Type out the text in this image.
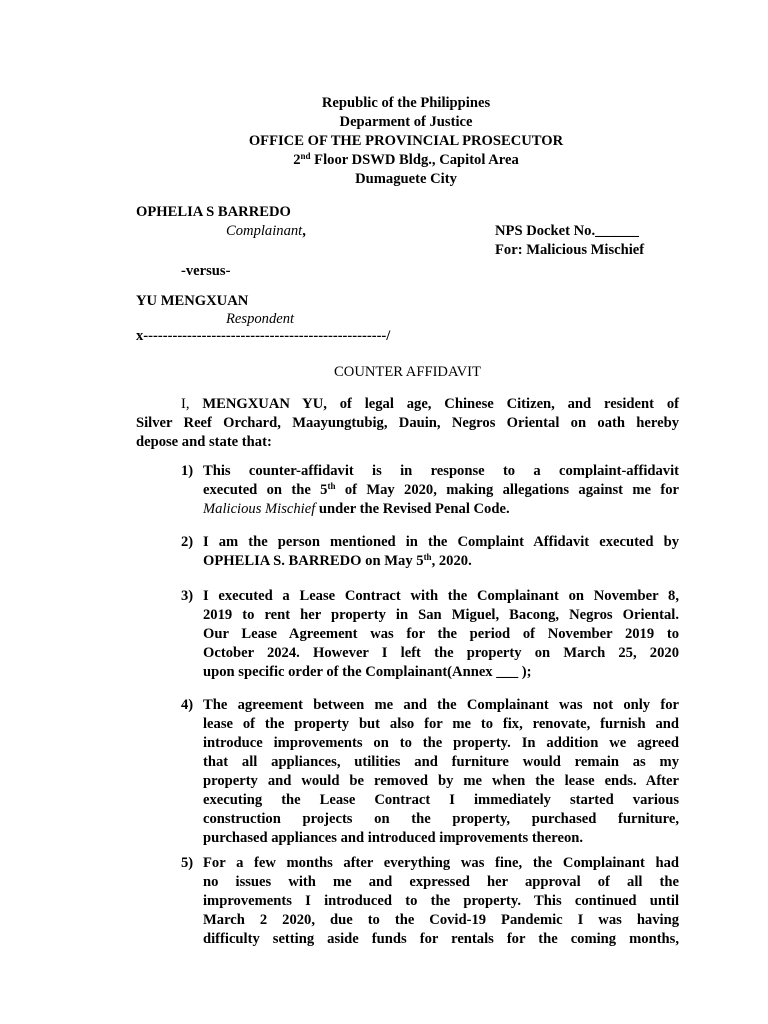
Republic of the Philippines
Deparment of Justice
OFFICE OF THE PROVINCIAL PROSECUTOR
2nd Floor DSWD Bldg., Capitol Area
Dumaguete City
OPHELIA S BARREDO
Complainant,	NPS Docket No.______
For: Malicious Mischief
-versus-
YU MENGXUAN
Respondent
x--------------------------------------------------/
COUNTER AFFIDAVIT
I, MENGXUAN YU, of legal age, Chinese Citizen, and resident of
Silver Reef Orchard, Maayungtubig, Dauin, Negros Oriental on oath hereby
depose and state that:
1) This counter-affidavit is in response to a complaint-affidavit
executed on the 5th of May 2020, making allegations against me for
Malicious Mischief under the Revised Penal Code.
2) I am the person mentioned in the Complaint Affidavit executed by
OPHELIA S. BARREDO on May 5th, 2020.
3) I executed a Lease Contract with the Complainant on November 8,
2019 to rent her property in San Miguel, Bacong, Negros Oriental.
Our Lease Agreement was for the period of November 2019 to
October 2024. However I left the property on March 25, 2020
upon specific order of the Complainant(Annex ___ );
4) The agreement between me and the Complainant was not only for
lease of the property but also for me to fix, renovate, furnish and
introduce improvements on to the property. In addition we agreed
that all appliances, utilities and furniture would remain as my
property and would be removed by me when the lease ends. After
executing the Lease Contract I immediately started various
construction projects on the property, purchased furniture,
purchased appliances and introduced improvements thereon.
5) For a few months after everything was fine, the Complainant had
no issues with me and expressed her approval of all the
improvements I introduced to the property. This continued until
March 2 2020, due to the Covid-19 Pandemic I was having
difficulty setting aside funds for rentals for the coming months,
